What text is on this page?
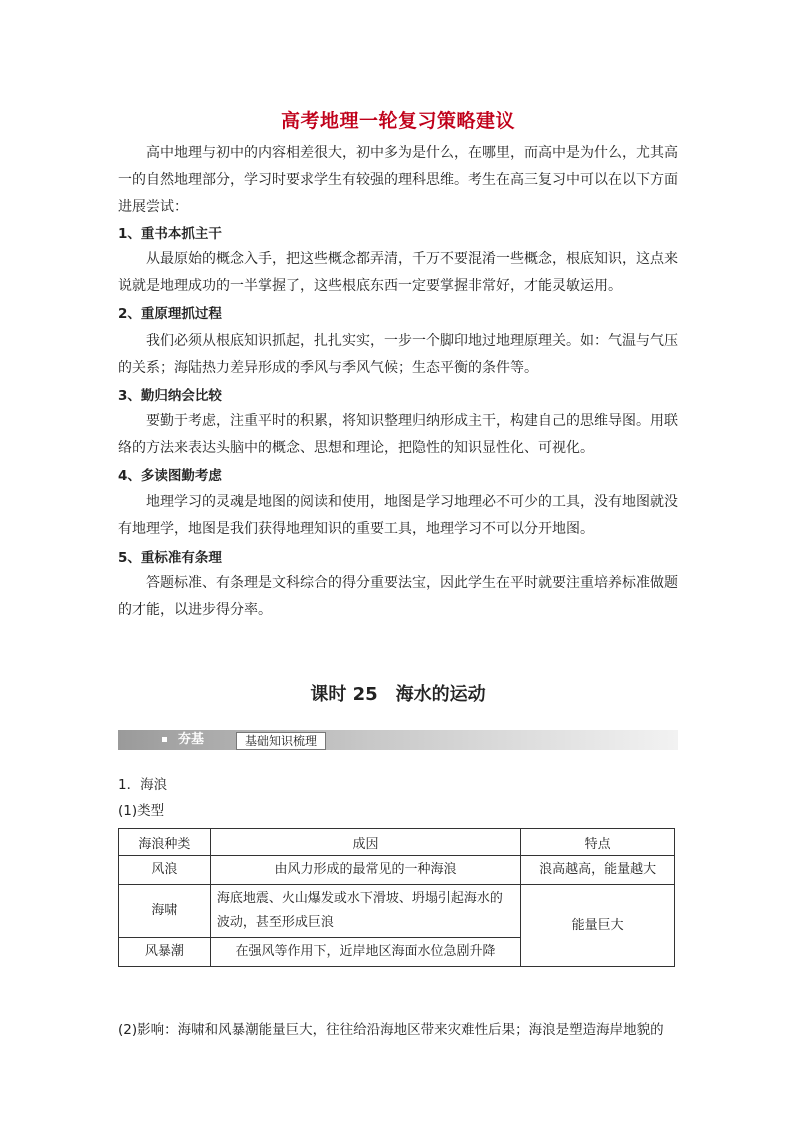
高考地理一轮复习策略建议
高中地理与初中的内容相差很大，初中多为是什么，在哪里，而高中是为什么，尤其高一的自然地理部分，学习时要求学生有较强的理科思维。考生在高三复习中可以在以下方面进展尝试：
1、重书本抓主干
从最原始的概念入手，把这些概念都弄清，千万不要混淆一些概念，根底知识，这点来说就是地理成功的一半掌握了，这些根底东西一定要掌握非常好，才能灵敏运用。
2、重原理抓过程
我们必须从根底知识抓起，扎扎实实，一步一个脚印地过地理原理关。如：气温与气压的关系；海陆热力差异形成的季风与季风气候；生态平衡的条件等。
3、勤归纳会比较
要勤于考虑，注重平时的积累，将知识整理归纳形成主干，构建自己的思维导图。用联络的方法来表达头脑中的概念、思想和理论，把隐性的知识显性化、可视化。
4、多读图勤考虑
地理学习的灵魂是地图的阅读和使用，地图是学习地理必不可少的工具，没有地图就没有地理学，地图是我们获得地理知识的重要工具，地理学习不可以分开地图。
5、重标准有条理
答题标准、有条理是文科综合的得分重要法宝，因此学生在平时就要注重培养标准做题的才能，以进步得分率。
课时 25　海水的运动
夯基	基础知识梳理
1．海浪
(1)类型
海浪种类	成因	特点
风浪	由风力形成的最常见的一种海浪	浪高越高，能量越大
海啸	海底地震、火山爆发或水下滑坡、坍塌引起海水的波动，甚至形成巨浪	能量巨大
风暴潮	在强风等作用下，近岸地区海面水位急剧升降	
(2)影响：海啸和风暴潮能量巨大，往往给沿海地区带来灾难性后果；海浪是塑造海岸地貌的
